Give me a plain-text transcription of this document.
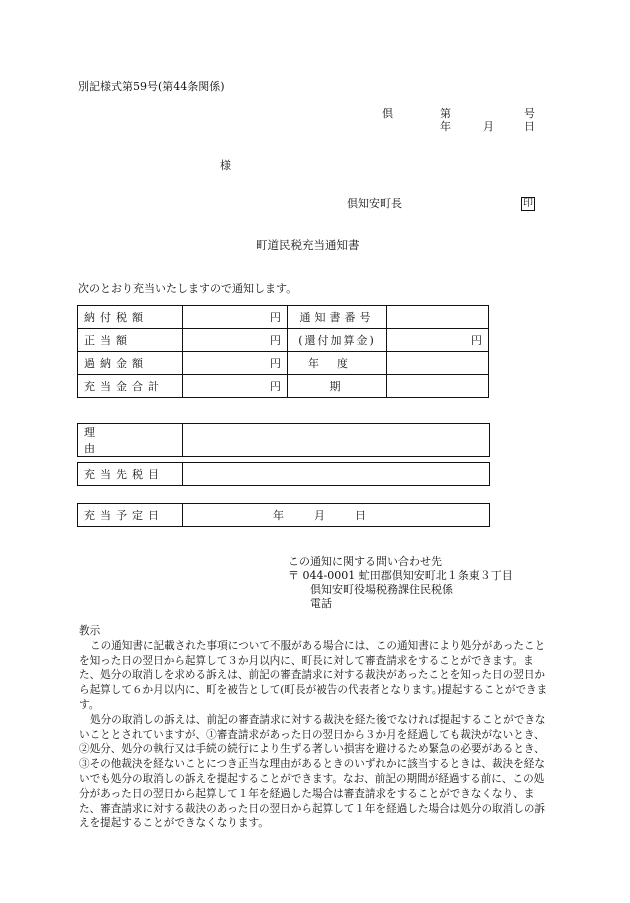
別記様式第59号(第44条関係)
倶	第	号
年	月	日
様
倶知安町長	印
町道民税充当通知書
次のとおり充当いたしますので通知します。
納付税額	円	通知書番号	
正当額	円	(還付加算金)	円
過納金額	円	年度	
充当金合計	円	期	
理由	
充当先税目	
充当予定日	年	月	日
この通知に関する問い合わせ先
〒 044-0001 虻田郡倶知安町北１条東３丁目
倶知安町役場税務課住民税係
電話

教示

この通知書に記載された事項について不服がある場合には、この通知書により処分があったことを知った日の翌日から起算して３か月以内に、町長に対して審査請求をすることができます。また、処分の取消しを求める訴えは、前記の審査請求に対する裁決があったことを知った日の翌日から起算して６か月以内に、町を被告として(町長が被告の代表者となります。)提起することができます。

処分の取消しの訴えは、前記の審査請求に対する裁決を経た後でなければ提起することができないこととされていますが、①審査請求があった日の翌日から３か月を経過しても裁決がないとき、②処分、処分の執行又は手続の続行により生ずる著しい損害を避けるため緊急の必要があるとき、③その他裁決を経ないことにつき正当な理由があるときのいずれかに該当するときは、裁決を経ないでも処分の取消しの訴えを提起することができます。なお、前記の期間が経過する前に、この処分があった日の翌日から起算して１年を経過した場合は審査請求をすることができなくなり、また、審査請求に対する裁決のあった日の翌日から起算して１年を経過した場合は処分の取消しの訴えを提起することができなくなります。
